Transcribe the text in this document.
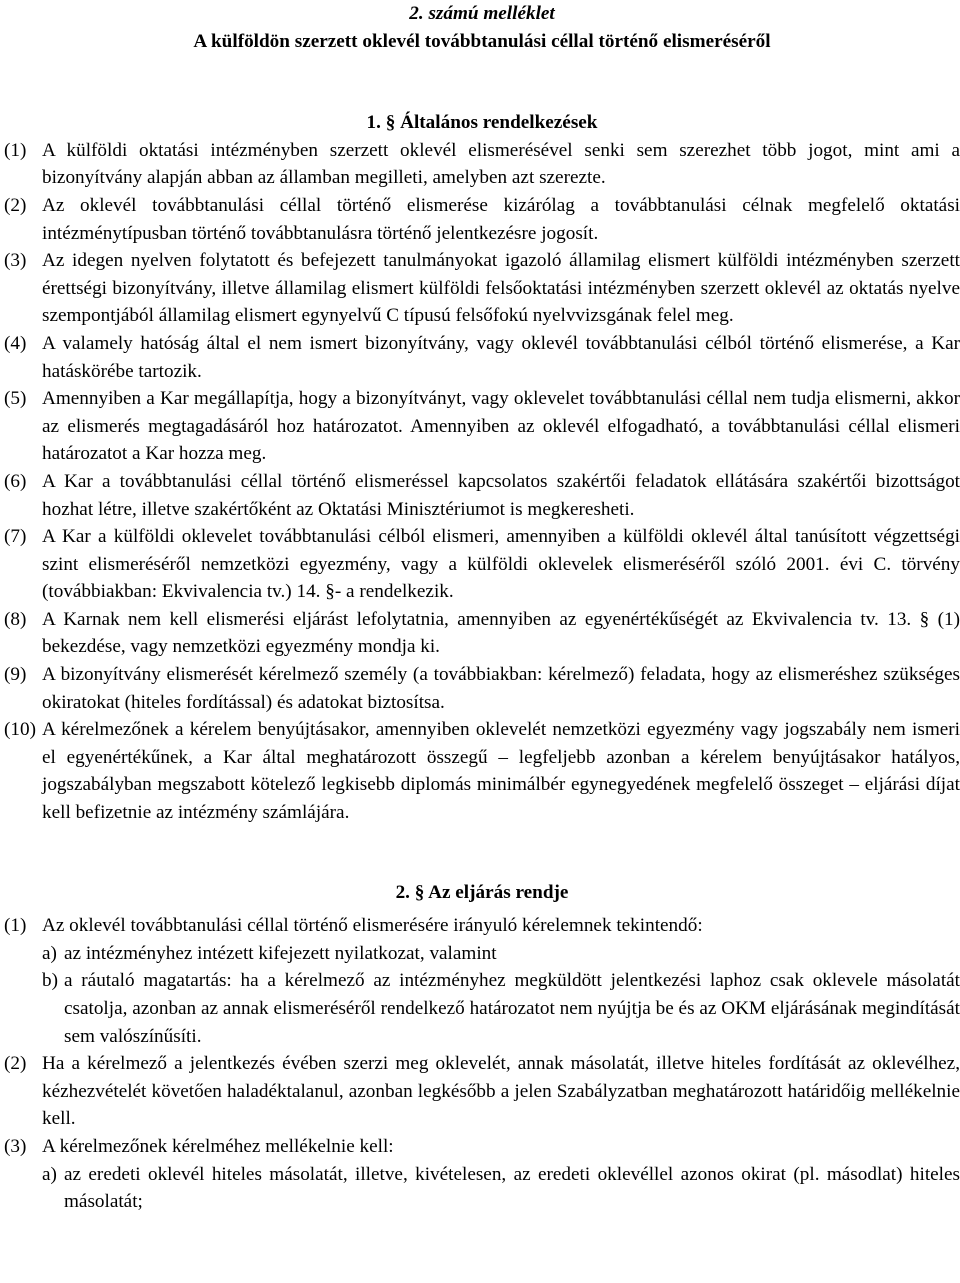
2. számú melléklet

A külföldön szerzett oklevél továbbtanulási céllal történő elismeréséről

1. § Általános rendelkezések

(1) A külföldi oktatási intézményben szerzett oklevél elismerésével senki sem szerezhet több jogot, mint ami a bizonyítvány alapján abban az államban megilleti, amelyben azt szerezte.
(2) Az oklevél továbbtanulási céllal történő elismerése kizárólag a továbbtanulási célnak megfelelő oktatási intézménytípusban történő továbbtanulásra történő jelentkezésre jogosít.
(3) Az idegen nyelven folytatott és befejezett tanulmányokat igazoló államilag elismert külföldi intézményben szerzett érettségi bizonyítvány, illetve államilag elismert külföldi felsőoktatási intézményben szerzett oklevél az oktatás nyelve szempontjából államilag elismert egynyelvű C típusú felsőfokú nyelvvizsgának felel meg.
(4) A valamely hatóság által el nem ismert bizonyítvány, vagy oklevél továbbtanulási célból történő elismerése, a Kar hatáskörébe tartozik.
(5) Amennyiben a Kar megállapítja, hogy a bizonyítványt, vagy oklevelet továbbtanulási céllal nem tudja elismerni, akkor az elismerés megtagadásáról hoz határozatot. Amennyiben az oklevél elfogadható, a továbbtanulási céllal elismeri határozatot a Kar hozza meg.
(6) A Kar a továbbtanulási céllal történő elismeréssel kapcsolatos szakértői feladatok ellátására szakértői bizottságot hozhat létre, illetve szakértőként az Oktatási Minisztériumot is megkeresheti.
(7) A Kar a külföldi oklevelet továbbtanulási célból elismeri, amennyiben a külföldi oklevél által tanúsított végzettségi szint elismeréséről nemzetközi egyezmény, vagy a külföldi oklevelek elismeréséről szóló 2001. évi C. törvény (továbbiakban: Ekvivalencia tv.) 14. §- a rendelkezik.
(8) A Karnak nem kell elismerési eljárást lefolytatnia, amennyiben az egyenértékűségét az Ekvivalencia tv. 13. § (1) bekezdése, vagy nemzetközi egyezmény mondja ki.
(9) A bizonyítvány elismerését kérelmező személy (a továbbiakban: kérelmező) feladata, hogy az elismeréshez szükséges okiratokat (hiteles fordítással) és adatokat biztosítsa.
(10) A kérelmezőnek a kérelem benyújtásakor, amennyiben oklevelét nemzetközi egyezmény vagy jogszabály nem ismeri el egyenértékűnek, a Kar által meghatározott összegű – legfeljebb azonban a kérelem benyújtásakor hatályos, jogszabályban megszabott kötelező legkisebb diplomás minimálbér egynegyedének megfelelő összeget – eljárási díjat kell befizetnie az intézmény számlájára.

2. § Az eljárás rendje

(1) Az oklevél továbbtanulási céllal történő elismerésére irányuló kérelemnek tekintendő:
a) az intézményhez intézett kifejezett nyilatkozat, valamint
b) a ráutaló magatartás: ha a kérelmező az intézményhez megküldött jelentkezési laphoz csak oklevele másolatát csatolja, azonban az annak elismeréséről rendelkező határozatot nem nyújtja be és az OKM eljárásának megindítását sem valószínűsíti.
(2) Ha a kérelmező a jelentkezés évében szerzi meg oklevelét, annak másolatát, illetve hiteles fordítását az oklevélhez, kézhezvételét követően haladéktalanul, azonban legkésőbb a jelen Szabályzatban meghatározott határidőig mellékelnie kell.
(3) A kérelmezőnek kérelméhez mellékelnie kell:
a) az eredeti oklevél hiteles másolatát, illetve, kivételesen, az eredeti oklevéllel azonos okirat (pl. másodlat) hiteles másolatát;
